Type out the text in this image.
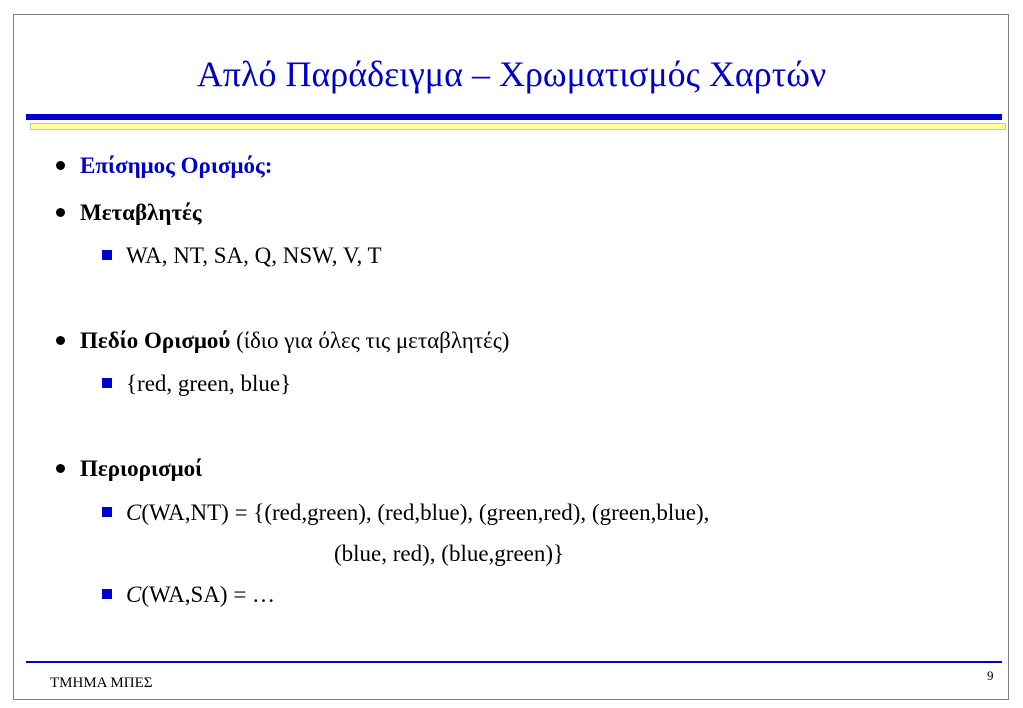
Απλό Παράδειγμα – Χρωματισμός Χαρτών
Επίσημος Ορισμός:
Μεταβλητές
WA, NT, SA, Q, NSW, V, T
Πεδίο Ορισμού (ίδιο για όλες τις μεταβλητές)
{red, green, blue}
Περιορισμοί
C(WA,NT) = {(red,green), (red,blue), (green,red), (green,blue),
(blue, red), (blue,green)}
C(WA,SA) = …
ΤΜΗΜΑ ΜΠΕΣ	9
